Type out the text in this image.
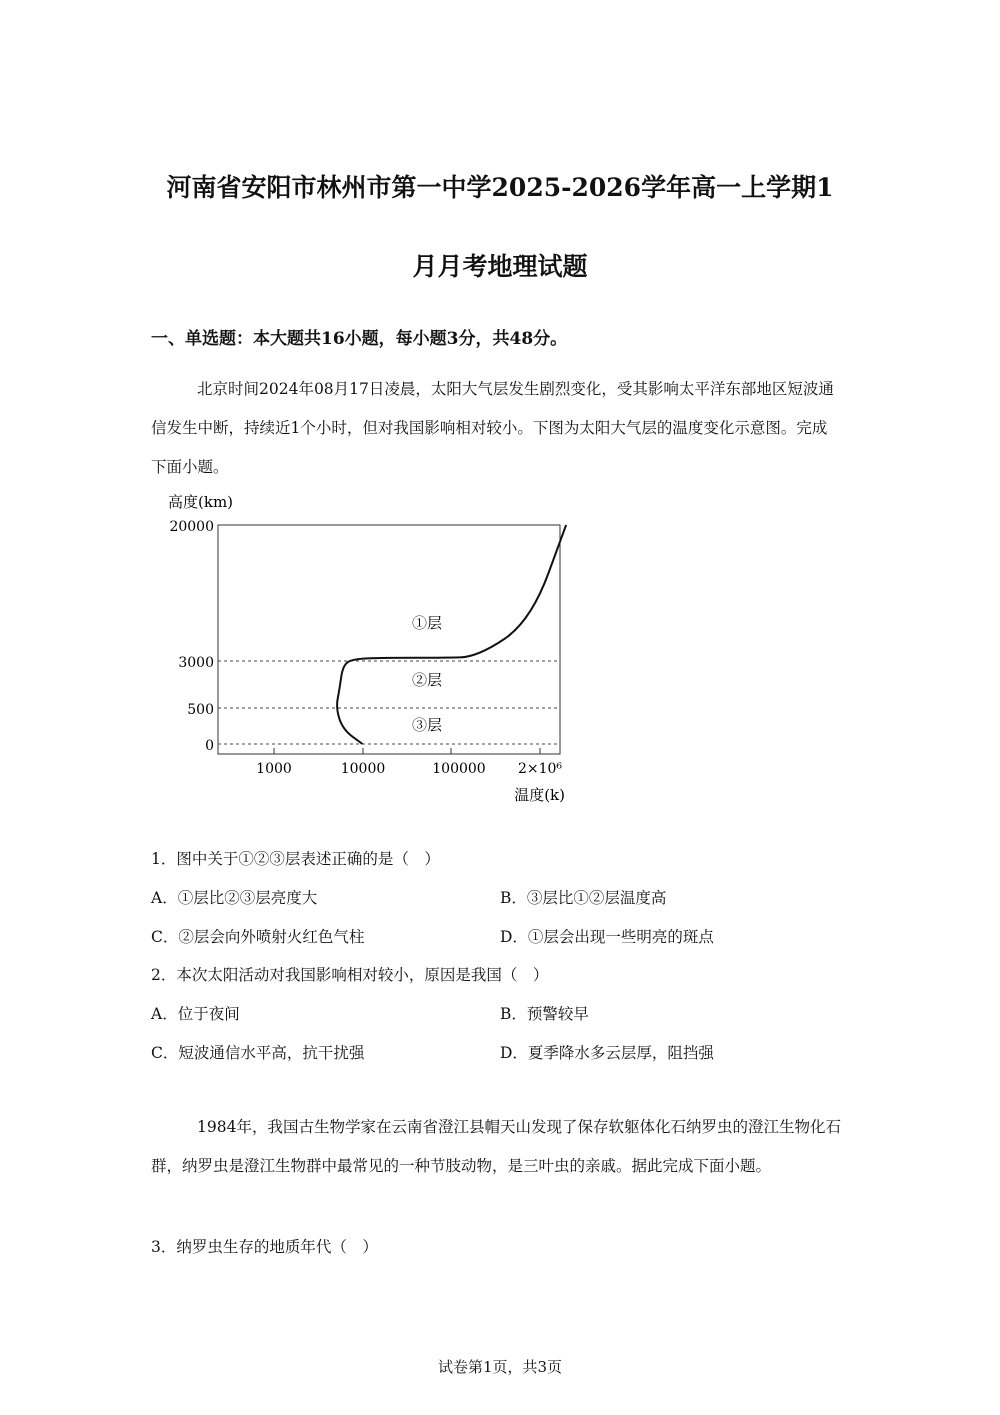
河南省安阳市林州市第一中学2025-2026学年高一上学期1
月月考地理试题
一、单选题：本大题共16小题，每小题3分，共48分。
北京时间2024年08月17日凌晨，太阳大气层发生剧烈变化，受其影响太平洋东部地区短波通信发生中断，持续近1个小时，但对我国影响相对较小。下图为太阳大气层的温度变化示意图。完成下面小题。
高度(km)
20000
3000
500
0
1000	10000	100000 2×10⁶
温度(k)
①层
②层
③层
1．图中关于①②③层表述正确的是（　）
A．①层比②③层亮度大	B．③层比①②层温度高
C．②层会向外喷射火红色气柱	D．①层会出现一些明亮的斑点
2．本次太阳活动对我国影响相对较小，原因是我国（　）
A．位于夜间	B．预警较早
C．短波通信水平高，抗干扰强	D．夏季降水多云层厚，阻挡强
1984年，我国古生物学家在云南省澄江县帽天山发现了保存软躯体化石纳罗虫的澄江生物化石群，纳罗虫是澄江生物群中最常见的一种节肢动物，是三叶虫的亲戚。据此完成下面小题。
3．纳罗虫生存的地质年代（　）
试卷第1页，共3页
